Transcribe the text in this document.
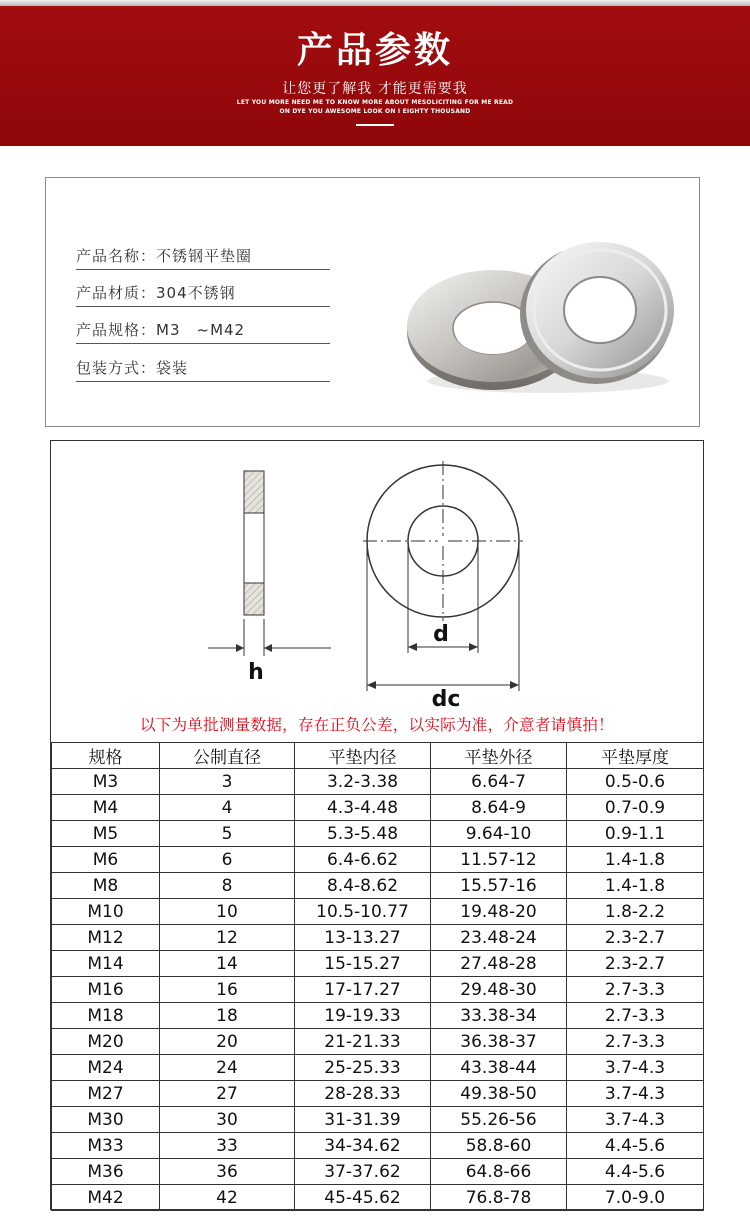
产品参数
让您更了解我 才能更需要我
LET YOU MORE NEED ME TO KNOW MORE ABOUT MESOLICITING FOR ME READ
ON DYE YOU AWESOME LOOK ON I EIGHTY THOUSAND
产品名称：不锈钢平垫圈
产品材质：304不锈钢
产品规格：M3　~M42
包装方式：袋装
h
d
dc
以下为单批测量数据，存在正负公差，以实际为准，介意者请慎拍！
规格	公制直径	平垫内径	平垫外径	平垫厚度
M3	3	3.2-3.38	6.64-7	0.5-0.6
M4	4	4.3-4.48	8.64-9	0.7-0.9
M5	5	5.3-5.48	9.64-10	0.9-1.1
M6	6	6.4-6.62	11.57-12	1.4-1.8
M8	8	8.4-8.62	15.57-16	1.4-1.8
M10	10	10.5-10.77	19.48-20	1.8-2.2
M12	12	13-13.27	23.48-24	2.3-2.7
M14	14	15-15.27	27.48-28	2.3-2.7
M16	16	17-17.27	29.48-30	2.7-3.3
M18	18	19-19.33	33.38-34	2.7-3.3
M20	20	21-21.33	36.38-37	2.7-3.3
M24	24	25-25.33	43.38-44	3.7-4.3
M27	27	28-28.33	49.38-50	3.7-4.3
M30	30	31-31.39	55.26-56	3.7-4.3
M33	33	34-34.62	58.8-60	4.4-5.6
M36	36	37-37.62	64.8-66	4.4-5.6
M42	42	45-45.62	76.8-78	7.0-9.0
